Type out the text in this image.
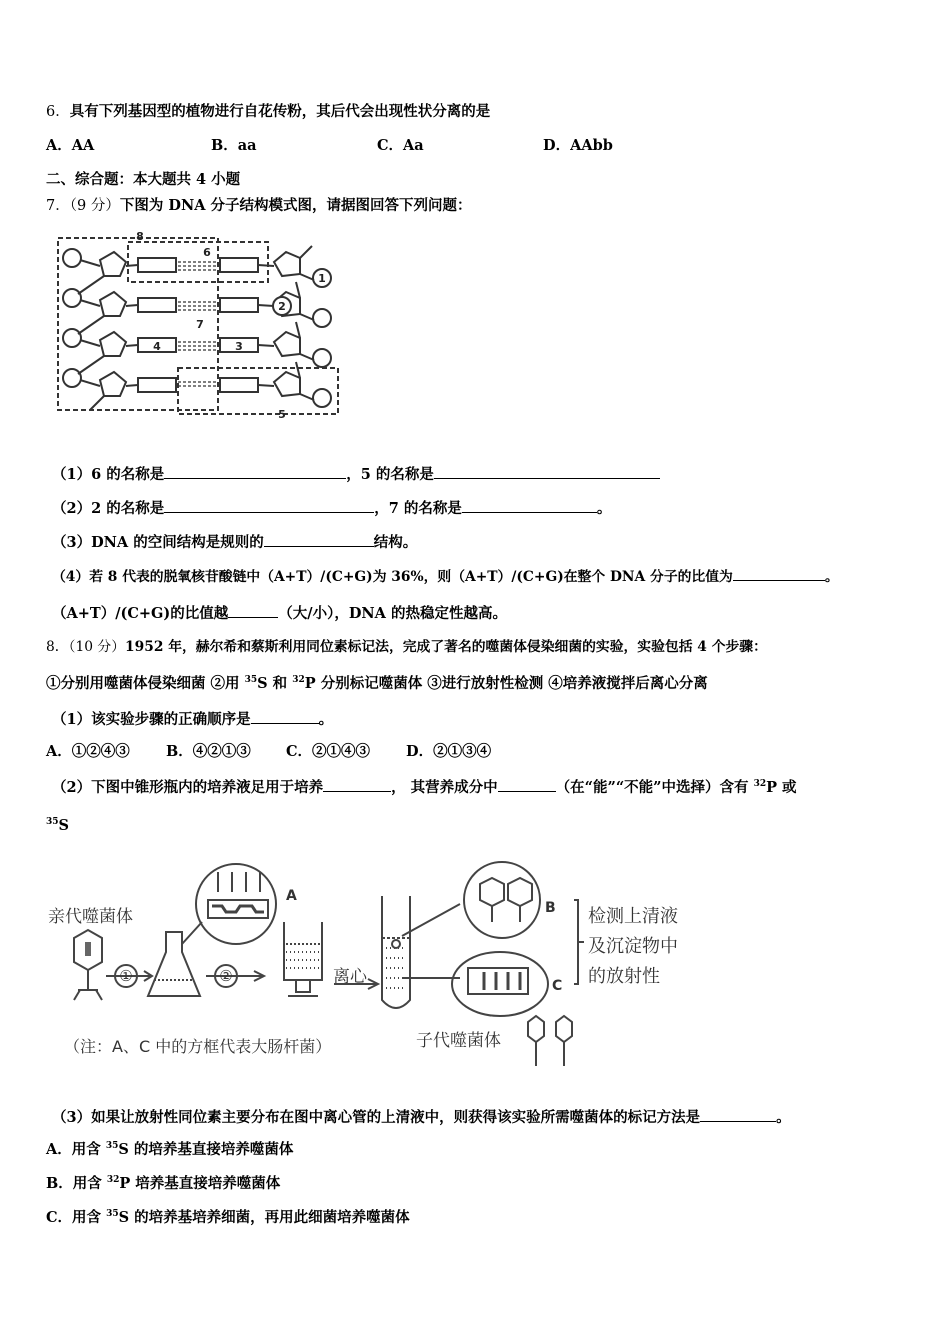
6．具有下列基因型的植物进行自花传粉，其后代会出现性状分离的是
A．AA	B．aa	C．Aa	D．AAbb
二、综合题：本大题共 4 小题
7．（9 分）下图为 DNA 分子结构模式图，请据图回答下列问题：
8
6
7
5
1
2
3
4
（1）6 的名称是	，5 的名称是
（2）2 的名称是	，7 的名称是	。
（3）DNA 的空间结构是规则的	结构。
（4）若 8 代表的脱氧核苷酸链中（A+T）/(C+G)为 36%，则（A+T）/(C+G)在整个 DNA 分子的比值为	。
（A+T）/(C+G)的比值越	（大/小），DNA 的热稳定性越高。
8．（10 分）1952 年，赫尔希和蔡斯利用同位素标记法，完成了著名的噬菌体侵染细菌的实验，实验包括 4 个步骤：
①分别用噬菌体侵染细菌 ②用 $^{35}$S 和 $^{32}$P 分别标记噬菌体 ③进行放射性检测 ④培养液搅拌后离心分离
（1）该实验步骤的正确顺序是	。
A．①②④③ B．④②①③ C．②①④③ D．②①③④
（2）下图中锥形瓶内的培养液足用于培养	， 其营养成分中	（在“能”“不能”中选择）含有 $^{32}$P 或
$^{35}$S
亲代噬菌体
（注：A、C 中的方框代表大肠杆菌）
离心
检测上清液
及沉淀物中
的放射性
子代噬菌体
A
B
C
①	②
（3）如果让放射性同位素主要分布在图中离心管的上清液中，则获得该实验所需噬菌体的标记方法是	。
A．用含 $^{35}$S 的培养基直接培养噬菌体
B．用含 $^{32}$P 培养基直接培养噬菌体
C．用含 $^{35}$S 的培养基培养细菌，再用此细菌培养噬菌体
